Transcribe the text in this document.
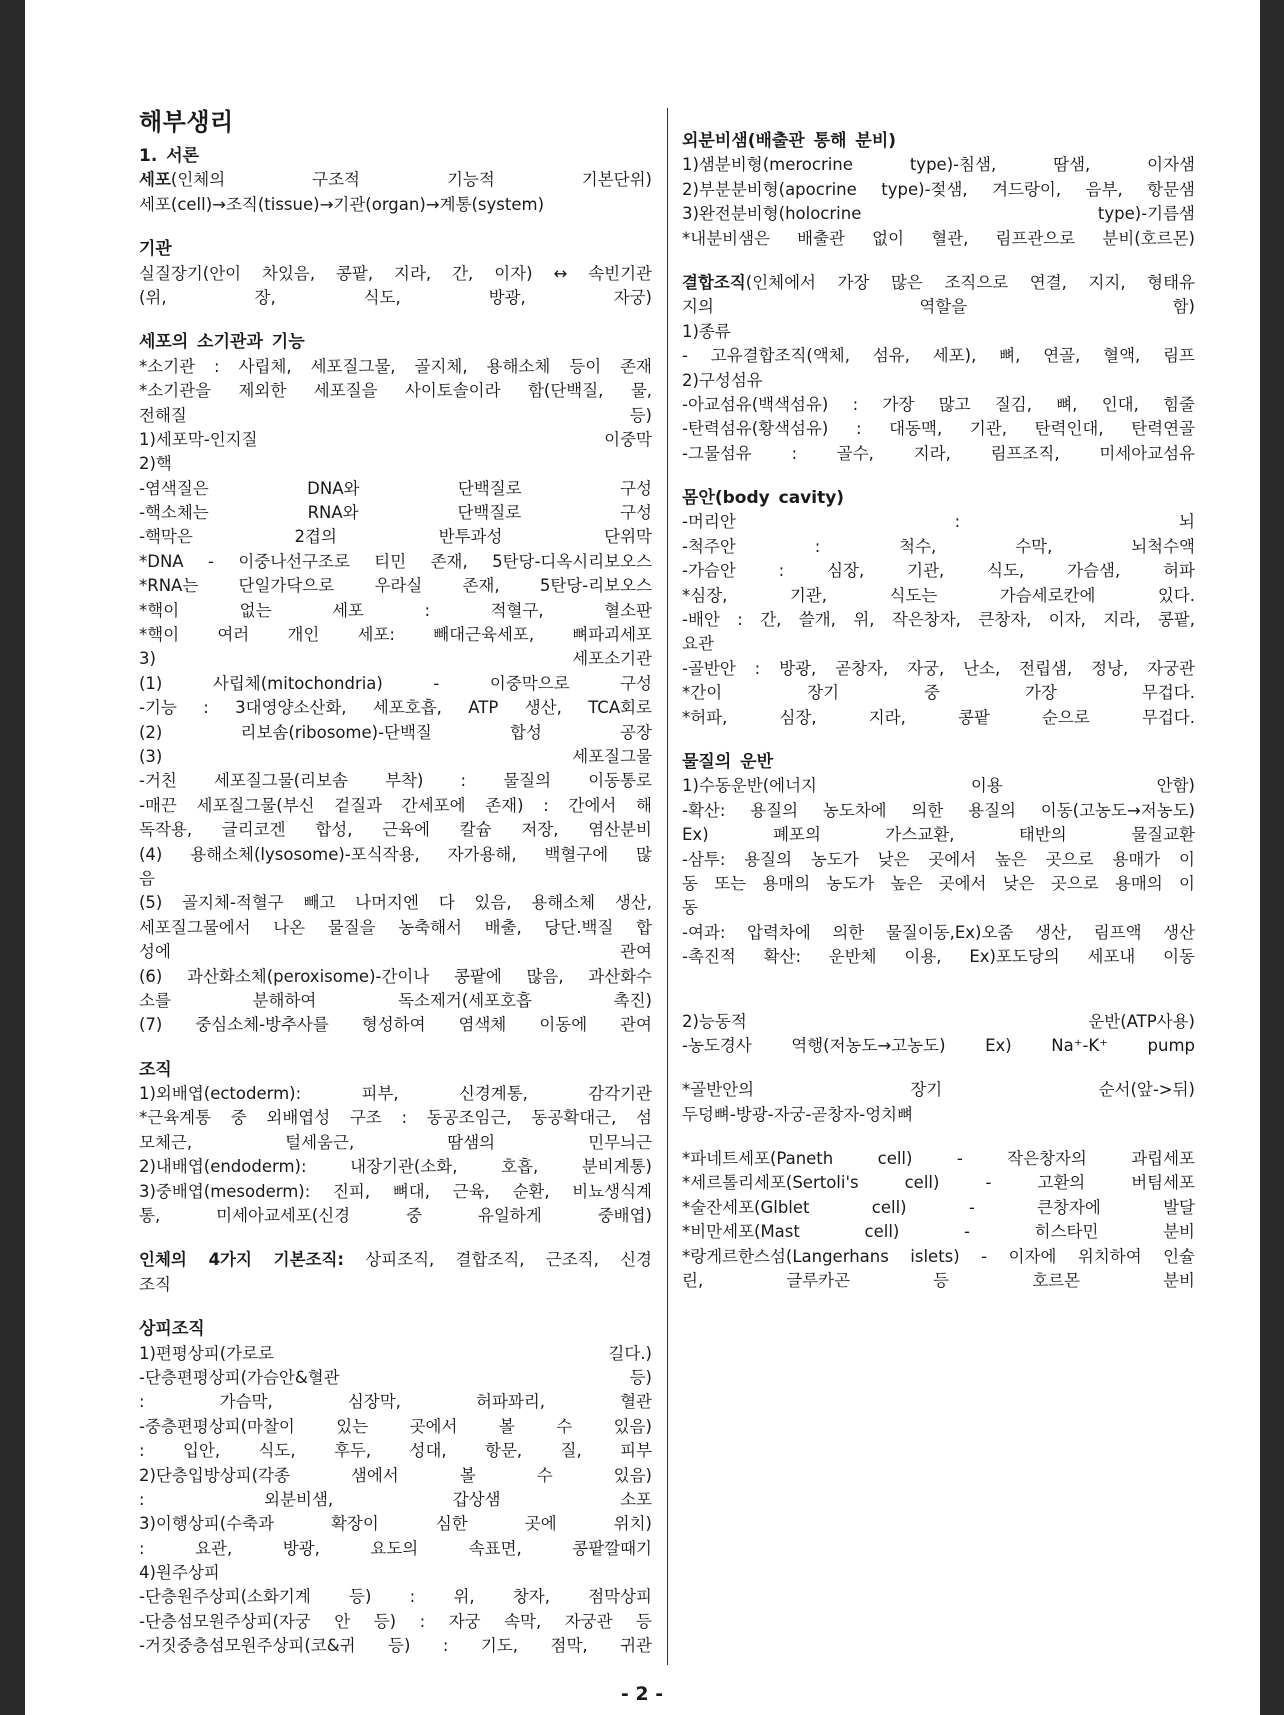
해부생리
1. 서론
세포(인체의 구조적 기능적 기본단위)
세포(cell)→조직(tissue)→기관(organ)→계통(system)
기관
실질장기(안이 차있음, 콩팥, 지라, 간, 이자) ↔ 속빈기관
(위, 장, 식도, 방광, 자궁)
세포의 소기관과 기능
*소기관 : 사립체, 세포질그물, 골지체, 용해소체 등이 존재
*소기관을 제외한 세포질을 사이토솔이라 함(단백질, 물,
전해질 등)
1)세포막-인지질 이중막
2)핵
-염색질은 DNA와 단백질로 구성
-핵소체는 RNA와 단백질로 구성
-핵막은 2겹의 반투과성 단위막
*DNA - 이중나선구조로 티민 존재, 5탄당-디옥시리보오스
*RNA는 단일가닥으로 우라실 존재, 5탄당-리보오스
*핵이 없는 세포 : 적혈구, 혈소판
*핵이 여러 개인 세포: 빼대근육세포, 뼈파괴세포
3) 세포소기관
(1) 사립체(mitochondria) - 이중막으로 구성
-기능 : 3대영양소산화, 세포호흡, ATP 생산, TCA회로
(2) 리보솜(ribosome)-단백질 합성 공장
(3) 세포질그물
-거친 세포질그물(리보솜 부착) : 물질의 이동통로
-매끈 세포질그물(부신 겉질과 간세포에 존재) : 간에서 해
독작용, 글리코겐 합성, 근육에 칼슘 저장, 염산분비
(4) 용해소체(lysosome)-포식작용, 자가용해, 백혈구에 많
음
(5) 골지체-적혈구 빼고 나머지엔 다 있음, 용해소체 생산,
세포질그물에서 나온 물질을 농축해서 배출, 당단.백질 합
성에 관여
(6) 과산화소체(peroxisome)-간이나 콩팥에 많음, 과산화수
소를 분해하여 독소제거(세포호흡 촉진)
(7) 중심소체-방추사를 형성하여 염색체 이동에 관여
조직
1)외배엽(ectoderm): 피부, 신경계통, 감각기관
*근육계통 중 외배엽성 구조 : 동공조임근, 동공확대근, 섬
모체근, 털세움근, 땀샘의 민무늬근
2)내배엽(endoderm): 내장기관(소화, 호흡, 분비계통)
3)중배엽(mesoderm): 진피, 뼈대, 근육, 순환, 비뇨생식계
통, 미세아교세포(신경 중 유일하게 중배엽)
인체의 4가지 기본조직: 상피조직, 결합조직, 근조직, 신경
조직
상피조직
1)편평상피(가로로 길다.)
-단층편평상피(가슴안&혈관 등)
: 가슴막, 심장막, 허파꽈리, 혈관
-중층편평상피(마찰이 있는 곳에서 볼 수 있음)
: 입안, 식도, 후두, 성대, 항문, 질, 피부
2)단층입방상피(각종 샘에서 볼 수 있음)
: 외분비샘, 갑상샘 소포
3)이행상피(수축과 확장이 심한 곳에 위치)
: 요관, 방광, 요도의 속표면, 콩팥깔때기
4)원주상피
-단층원주상피(소화기계 등) : 위, 창자, 점막상피
-단층섬모원주상피(자궁 안 등) : 자궁 속막, 자궁관 등
-거짓중층섬모원주상피(코&귀 등) : 기도, 점막, 귀관
외분비샘(배출관 통해 분비)
1)샘분비형(merocrine type)-침샘, 땀샘, 이자샘
2)부분분비형(apocrine type)-젖샘, 겨드랑이, 음부, 항문샘
3)완전분비형(holocrine type)-기름샘
*내분비샘은 배출관 없이 혈관, 림프관으로 분비(호르몬)
결합조직(인체에서 가장 많은 조직으로 연결, 지지, 형태유
지의 역할을 함)
1)종류
- 고유결합조직(액체, 섬유, 세포), 뼈, 연골, 혈액, 림프
2)구성섬유
-아교섬유(백색섬유) : 가장 많고 질김, 뼈, 인대, 힘줄
-탄력섬유(황색섬유) : 대동맥, 기관, 탄력인대, 탄력연골
-그물섬유 : 골수, 지라, 림프조직, 미세아교섬유
몸안(body cavity)
-머리안 : 뇌
-척주안 : 척수, 수막, 뇌척수액
-가슴안 : 심장, 기관, 식도, 가슴샘, 허파
*심장, 기관, 식도는 가슴세로칸에 있다.
-배안 : 간, 쓸개, 위, 작은창자, 큰창자, 이자, 지라, 콩팥,
요관
-골반안 : 방광, 곧창자, 자궁, 난소, 전립샘, 정낭, 자궁관
*간이 장기 중 가장 무겁다.
*허파, 심장, 지라, 콩팥 순으로 무겁다.
물질의 운반
1)수동운반(에너지 이용 안함)
-확산: 용질의 농도차에 의한 용질의 이동(고농도→저농도)
Ex) 폐포의 가스교환, 태반의 물질교환
-삼투: 용질의 농도가 낮은 곳에서 높은 곳으로 용매가 이
동 또는 용매의 농도가 높은 곳에서 낮은 곳으로 용매의 이
동
-여과: 압력차에 의한 물질이동,Ex)오줌 생산, 림프액 생산
-촉진적 확산: 운반체 이용, Ex)포도당의 세포내 이동
2)능동적 운반(ATP사용)
-농도경사 역행(저농도→고농도) Ex) Na⁺-K⁺ pump
*골반안의 장기 순서(앞->뒤)
두덩뼈-방광-자궁-곧창자-엉치뼈
*파네트세포(Paneth cell) - 작은창자의 과립세포
*세르톨리세포(Sertoli's cell) - 고환의 버팀세포
*술잔세포(Glblet cell) - 큰창자에 발달
*비만세포(Mast cell) - 히스타민 분비
*랑게르한스섬(Langerhans islets) - 이자에 위치하여 인슐
린, 글루카곤 등 호르몬 분비
- 2 -
